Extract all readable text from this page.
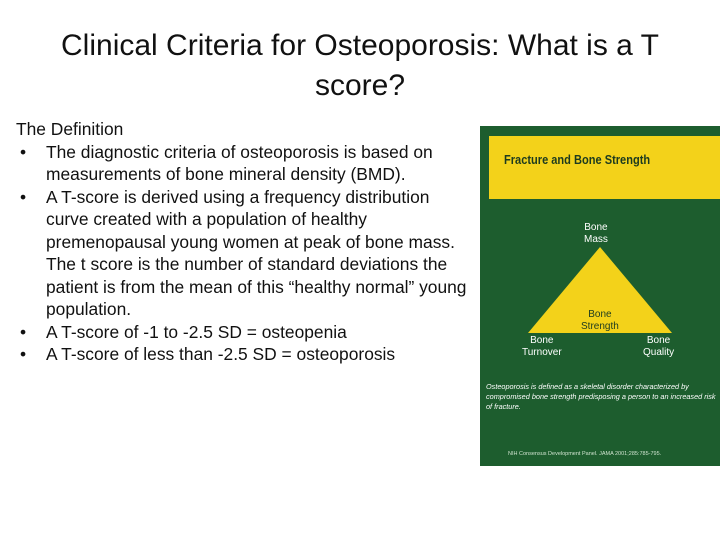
Clinical Criteria for Osteoporosis: What is a T score?
The Definition
• The diagnostic criteria of osteoporosis is based on measurements of bone mineral density (BMD).
• A T-score is derived using a frequency distribution curve created with a population of healthy premenopausal young women at peak of bone mass. The t score is the number of standard deviations the patient is from the mean of this “healthy normal” young population.
• A T-score of -1 to -2.5 SD = osteopenia
• A T-score of less than -2.5 SD = osteoporosis
Fracture and Bone Strength
Bone
Mass
Bone
Strength
Bone
Turnover
Bone
Quality
Osteoporosis is defined as a skeletal disorder characterized by compromised bone strength predisposing a person to an increased risk of fracture.
NIH Consensus Development Panel. JAMA 2001;285:785-795.
